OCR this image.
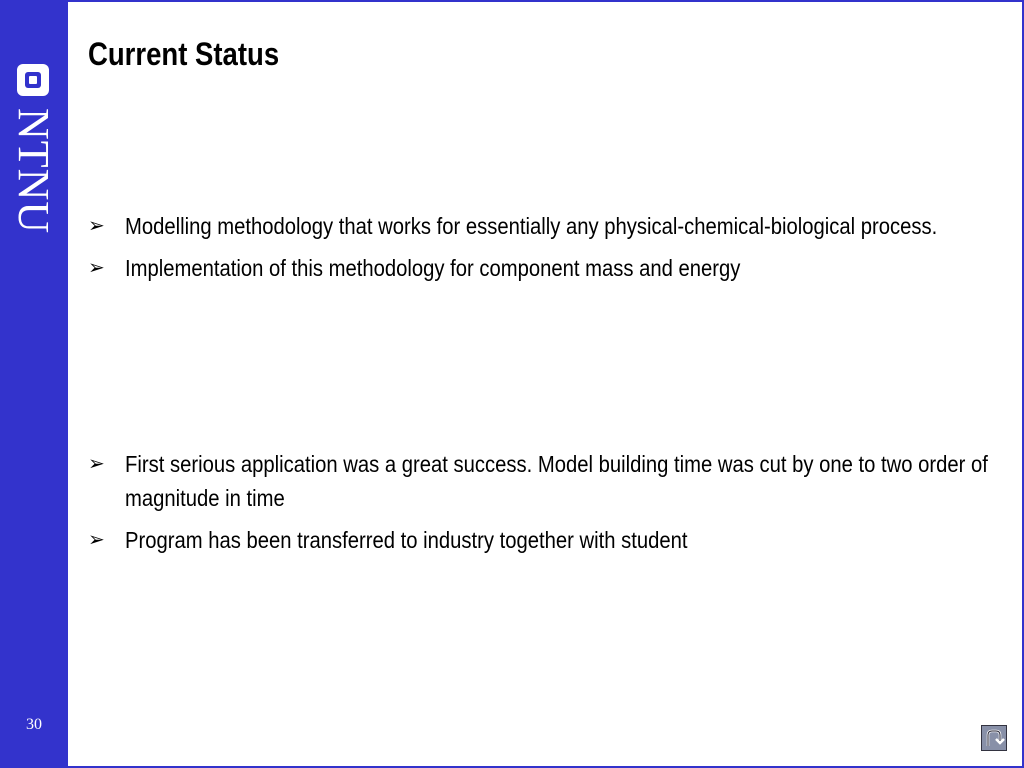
NTNU
30
Current Status
➢ Modelling methodology that works for essentially any physical-chemical-biological process.
➢ Implementation of this methodology for component mass and energy
➢ First serious application was a great success. Model building time was cut by one to two order of magnitude in time
➢ Program has been transferred to industry together with student
